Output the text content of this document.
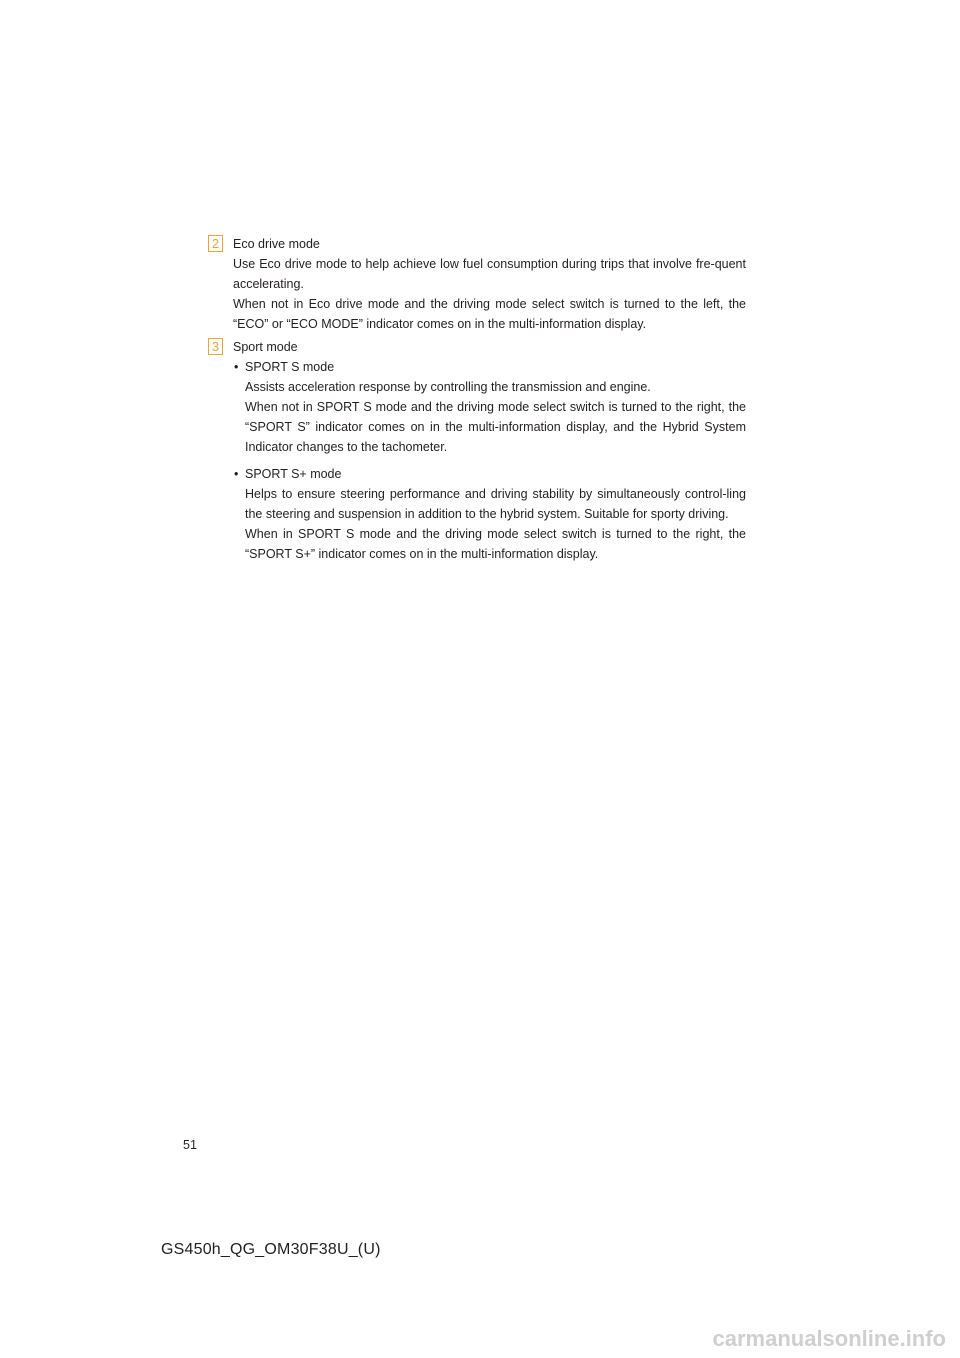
2	Eco drive mode

Use Eco drive mode to help achieve low fuel consumption during trips that involve fre-quent accelerating.

When not in Eco drive mode and the driving mode select switch is turned to the left, the “ECO” or “ECO MODE” indicator comes on in the multi-information display.

3	Sport mode

• SPORT S mode

Assists acceleration response by controlling the transmission and engine.

When not in SPORT S mode and the driving mode select switch is turned to the right, the “SPORT S” indicator comes on in the multi-information display, and the Hybrid System Indicator changes to the tachometer.

• SPORT S+ mode

Helps to ensure steering performance and driving stability by simultaneously control-ling the steering and suspension in addition to the hybrid system. Suitable for sporty driving.

When in SPORT S mode and the driving mode select switch is turned to the right, the “SPORT S+” indicator comes on in the multi-information display.

51
GS450h_QG_OM30F38U_(U)
carmanualsonline.info
